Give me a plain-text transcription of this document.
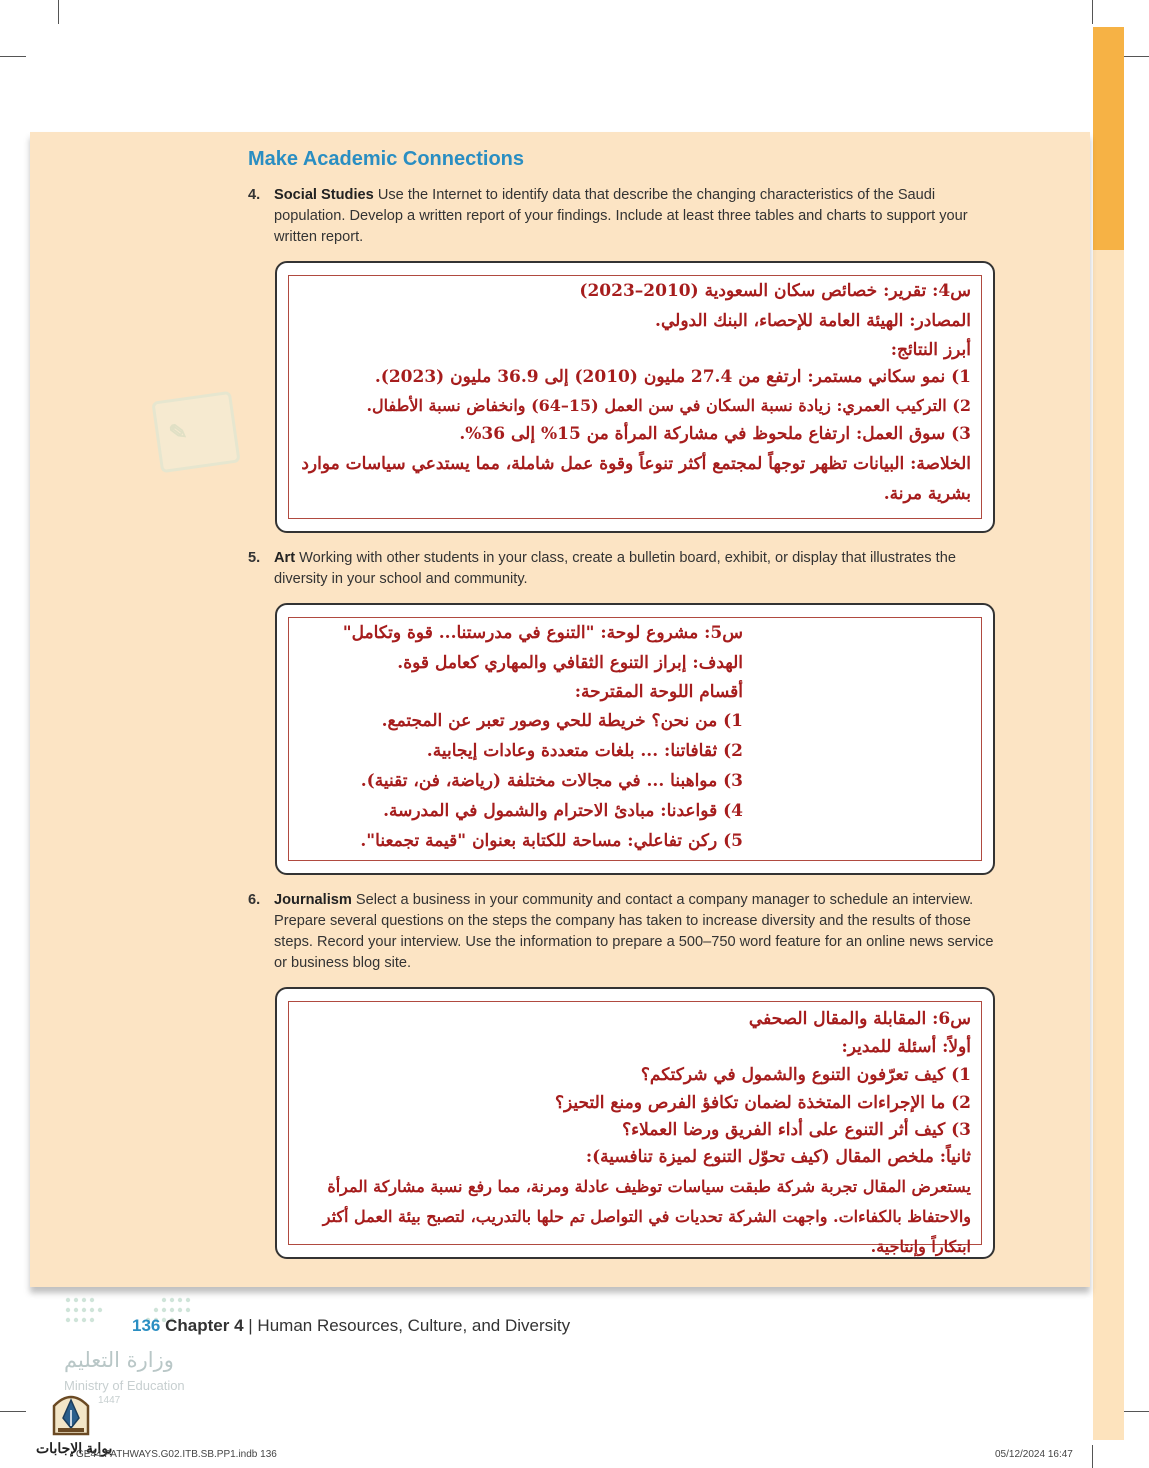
Make Academic Connections
4. Social Studies Use the Internet to identify data that describe the changing characteristics of the Saudi population. Develop a written report of your findings. Include at least three tables and charts to support your written report.
س4: تقرير: خصائص سكان السعودية (2010–2023)
المصادر: الهيئة العامة للإحصاء، البنك الدولي.
أبرز النتائج:
1) نمو سكاني مستمر: ارتفع من 27.4 مليون (2010) إلى 36.9 مليون (2023).
2) التركيب العمري: زيادة نسبة السكان في سن العمل (15–64) وانخفاض نسبة الأطفال.
3) سوق العمل: ارتفاع ملحوظ في مشاركة المرأة من 15% إلى 36%.
الخلاصة: البيانات تظهر توجهاً لمجتمع أكثر تنوعاً وقوة عمل شاملة، مما يستدعي سياسات موارد بشرية مرنة.
✎
5. Art Working with other students in your class, create a bulletin board, exhibit, or display that illustrates the diversity in your school and community.
س5: مشروع لوحة: "التنوع في مدرستنا... قوة وتكامل"
الهدف: إبراز التنوع الثقافي والمهاري كعامل قوة.
أقسام اللوحة المقترحة:
1) من نحن؟ خريطة للحي وصور تعبر عن المجتمع.
2) ثقافاتنا: ... بلغات متعددة وعادات إيجابية.
3) مواهبنا ... في مجالات مختلفة (رياضة، فن، تقنية).
4) قواعدنا: مبادئ الاحترام والشمول في المدرسة.
5) ركن تفاعلي: مساحة للكتابة بعنوان "قيمة تجمعنا".
6. Journalism Select a business in your community and contact a company manager to schedule an interview. Prepare several questions on the steps the company has taken to increase diversity and the results of those steps. Record your interview. Use the information to prepare a 500–750 word feature for an online news service or business blog site.
س6: المقابلة والمقال الصحفي
أولاً: أسئلة للمدير:
1) كيف تعرّفون التنوع والشمول في شركتكم؟
2) ما الإجراءات المتخذة لضمان تكافؤ الفرص ومنع التحيز؟
3) كيف أثر التنوع على أداء الفريق ورضا العملاء؟
ثانياً: ملخص المقال (كيف تحوّل التنوع لميزة تنافسية):
يستعرض المقال تجربة شركة طبقت سياسات توظيف عادلة ومرنة، مما رفع نسبة مشاركة المرأة والاحتفاظ بالكفاءات. واجهت الشركة تحديات في التواصل تم حلها بالتدريب، لتصبح بيئة العمل أكثر ابتكاراً وإنتاجية.
136 Chapter 4 | Human Resources, Culture, and Diversity
وزارة التعليم
Ministry of Education
1447
بوابة الإجابات
GE44.PATHWAYS.G02.ITB.SB.PP1.indb 136	05/12/2024 16:47
